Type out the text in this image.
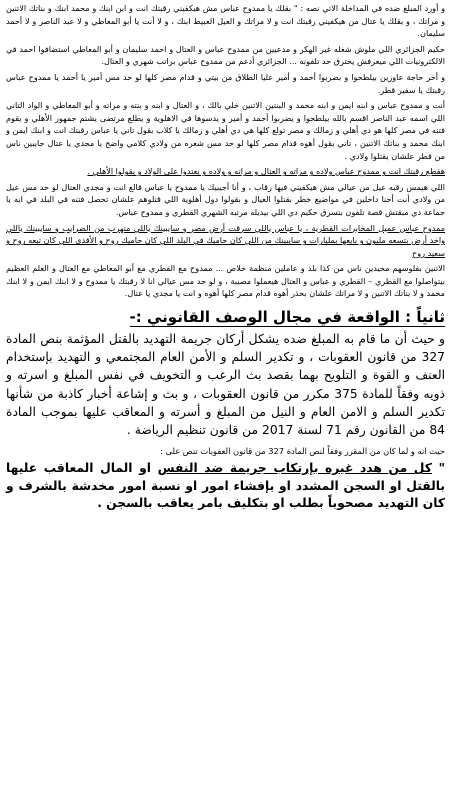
و أورد المبلغ ضده في المداخلة الاتي نصه : " بقلك يا ممدوح عباس مش هيكفيني رقبتك انت و ابن ابنك و محمد ابنك و بناتك الاتنين و مراتك ، و بقلك يا عتال من هيكفيني رقبتك انت و لا مراتك و العيل العبيط ابنك ، و لا أنت يا أبو المعاطي و لا عبد الناصر و لا أحمد سليمان.

حكيم الجزائري اللي ملوش شغله غير الهكر و مدعيين من ممدوح عباس و العتال و احمد سليمان و أبو المعاطي استضافوا احمد في الالكترونيات اللي ميعرفش يخترق حد تلفونه ... الجزائري أدعم من ممدوح عباس براتب شهري و العتال.

و أخر حاجة عاوزين بيلطحوا و بضربوا أحمد و أمير عليا الطلاق من بيتي و قدام مصر كلها لو حد مس أمير يا أحمد يا ممدوح عباس رقبتك يا سفير قطر.

أنت و ممدوح عباس و ابنه ايمن و ابنه محمد و البنتين الاتنين خلي بالك ، و العتال و ابنه و بنته و مراته و أبو المعاطي و الواد التاني اللي اسمه عبد الناصر اقسم بالله بيلطحوا و يضربوا أحمد و أمير و يدسوها في الاهلوية و يطلع مرتضى يشتم جمهور الأهلي و يقوم فتنه في مصر كلها هو دي أهلي و زمالك و مصر تولع كلها هي دي أهلي و زمالك يا كلاب بقول تاني يا عباس رقبتك انت و ابنك ايمن و ابنك محمد و بناتك الاتنين ، تاني بقول أهوه قدام مصر كلها لو حد مس شعره من ولادي كلامي واضح يا مجدي يا عتال جايبين ناس من قطر علشان يقتلوا ولادي .

هقطع رقبتك انت و ممدوح عباس ولاده و مراته و العتال و مراته و ولاده و يعتدوا على الولاد و بقولوا الأهلي .

اللي هيمس رقبه عيل من عيالي مش هيكفيني فيها رقاب ، و أنا أجيبيك يا ممدوح يا عباس قالع انت و مجدي العتال لو حد مس عيل من ولادي أنت أحنا داخلين في مواضيع خطر بقتلوا العيال و بقولوا دول أهلوية اللي قتلوهم علشان تحصل فتنه في البلد في ايه يا جماعة دي مبقتش قصة تلفون بتسرق حكيم دي اللي بيديله مرتبه الشهري القطري و ممدوح عباس.

ممدوح عباس عميل المخابرات القطرية ، يا عباس ياللي سرقت أرض مصر و سايبينك ياللي متهرب من الضرايب و سايبينك ياللي واخد أرض بتسعه مليون و بايعها بمليارات و سايبينك من اللي كان حاميك في البلد اللي كان حاميك روح و الأقذى اللي كان تبعه روح و سعيد روح

الاتنين بفلوسهم محيدين ناس من كذا بلد و عاملين منظمة خلاص ... ممدوح مع القطري مع أبو المعاطي مع العتال و العلم العظيم بيتواصلوا مع القطري – القطري و عباس و العتال هيعملوا مصيبة ، و لو حد مس عيالي انا لا رقبتك يا ممدوح و لا ابنك ايمن و لا ابنك محمد و لا بناتك الاتنين و لا مراتك علشان بحذر أهوه قدام مصر كلها أهوه و انت يا مجدي يا عتال.

ثانياً : الواقعة في مجال الوصف القانوني :-

و حيث أن ما قام به المبلغ ضده يشكل أركان جريمة التهديد بالقتل المؤثمة بنص المادة 327 من قانون العقوبات ، و تكدير السلم و الأمن العام المجتمعي و التهديد بإستخدام العنف و القوة و التلويح بهما بقصد بث الرعب و التخويف في نفس المبلغ و اسرته و ذويه وفقاً للمادة 375 مكرر من قانون العقوبات ، و بث و إشاعة أخبار كاذبة من شأنها تكدير السلم و الامن العام و النيل من المبلغ و أسرته و المعاقب عليها بموجب المادة 84 من القانون رقم 71 لسنة 2017 من قانون تنظيم الرياضة .

حيث انه و لما كان من المقرر وفقاً لنص المادة 327 من قانون العقوبات تنص على :

" كل من هدد غيره بإرتكاب جريمة ضد النفس او المال المعاقب عليها بالقتل او السجن المشدد او بإفشاء امور او نسبة امور مخدشة بالشرف و كان التهديد مصحوباً بطلب او بتكليف بامر يعاقب بالسجن .
